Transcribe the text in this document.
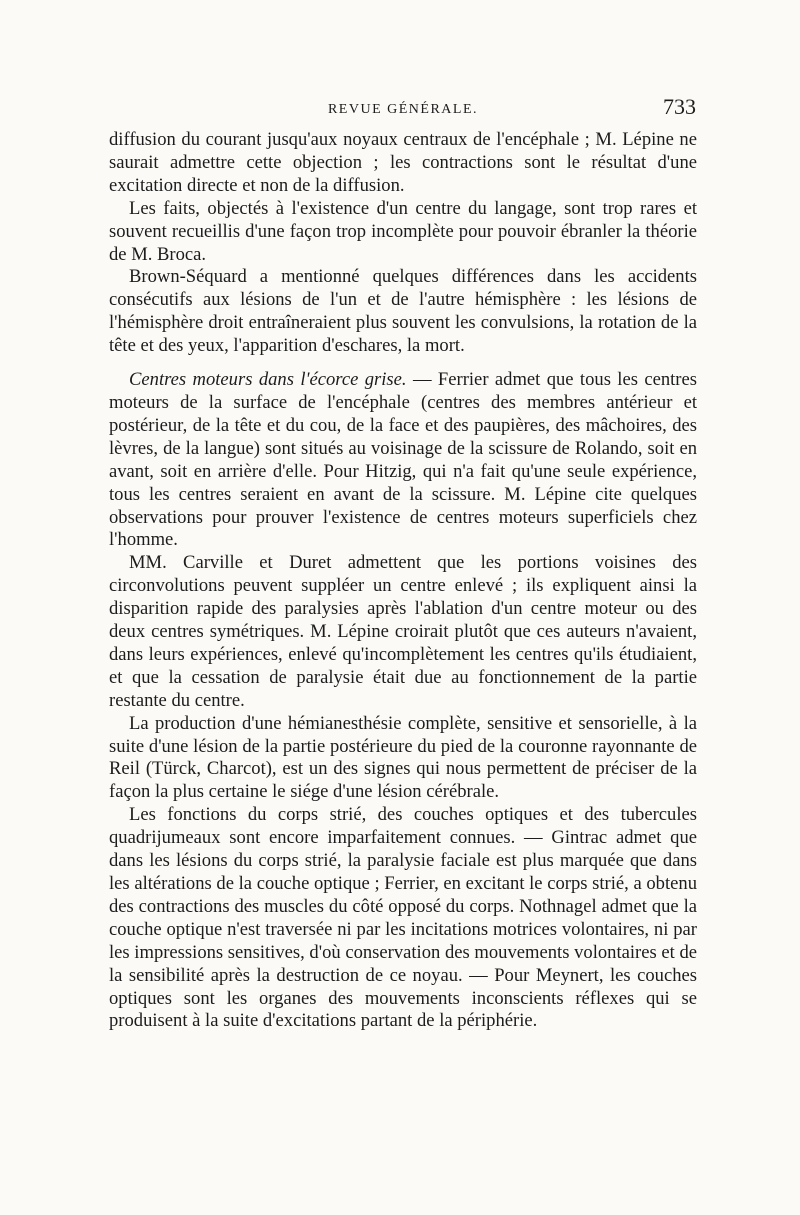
REVUE GÉNÉRALE.	733

diffusion du courant jusqu'aux noyaux centraux de l'encéphale ; M. Lépine ne saurait admettre cette objection ; les contractions sont le résultat d'une excitation directe et non de la diffusion.

Les faits, objectés à l'existence d'un centre du langage, sont trop rares et souvent recueillis d'une façon trop incomplète pour pouvoir ébranler la théorie de M. Broca.

Brown-Séquard a mentionné quelques différences dans les accidents consécutifs aux lésions de l'un et de l'autre hémisphère : les lésions de l'hémisphère droit entraîneraient plus souvent les convulsions, la rotation de la tête et des yeux, l'apparition d'eschares, la mort.

Centres moteurs dans l'écorce grise. — Ferrier admet que tous les centres moteurs de la surface de l'encéphale (centres des membres antérieur et postérieur, de la tête et du cou, de la face et des paupières, des mâchoires, des lèvres, de la langue) sont situés au voisinage de la scissure de Rolando, soit en avant, soit en arrière d'elle. Pour Hitzig, qui n'a fait qu'une seule expérience, tous les centres seraient en avant de la scissure. M. Lépine cite quelques observations pour prouver l'existence de centres moteurs superficiels chez l'homme.

MM. Carville et Duret admettent que les portions voisines des circonvolutions peuvent suppléer un centre enlevé ; ils expliquent ainsi la disparition rapide des paralysies après l'ablation d'un centre moteur ou des deux centres symétriques. M. Lépine croirait plutôt que ces auteurs n'avaient, dans leurs expériences, enlevé qu'incomplètement les centres qu'ils étudiaient, et que la cessation de paralysie était due au fonctionnement de la partie restante du centre.

La production d'une hémianesthésie complète, sensitive et sensorielle, à la suite d'une lésion de la partie postérieure du pied de la couronne rayonnante de Reil (Türck, Charcot), est un des signes qui nous permettent de préciser de la façon la plus certaine le siége d'une lésion cérébrale.

Les fonctions du corps strié, des couches optiques et des tubercules quadrijumeaux sont encore imparfaitement connues. — Gintrac admet que dans les lésions du corps strié, la paralysie faciale est plus marquée que dans les altérations de la couche optique ; Ferrier, en excitant le corps strié, a obtenu des contractions des muscles du côté opposé du corps. Nothnagel admet que la couche optique n'est traversée ni par les incitations motrices volontaires, ni par les impressions sensitives, d'où conservation des mouvements volontaires et de la sensibilité après la destruction de ce noyau. — Pour Meynert, les couches optiques sont les organes des mouvements inconscients réflexes qui se produisent à la suite d'excitations partant de la périphérie.
